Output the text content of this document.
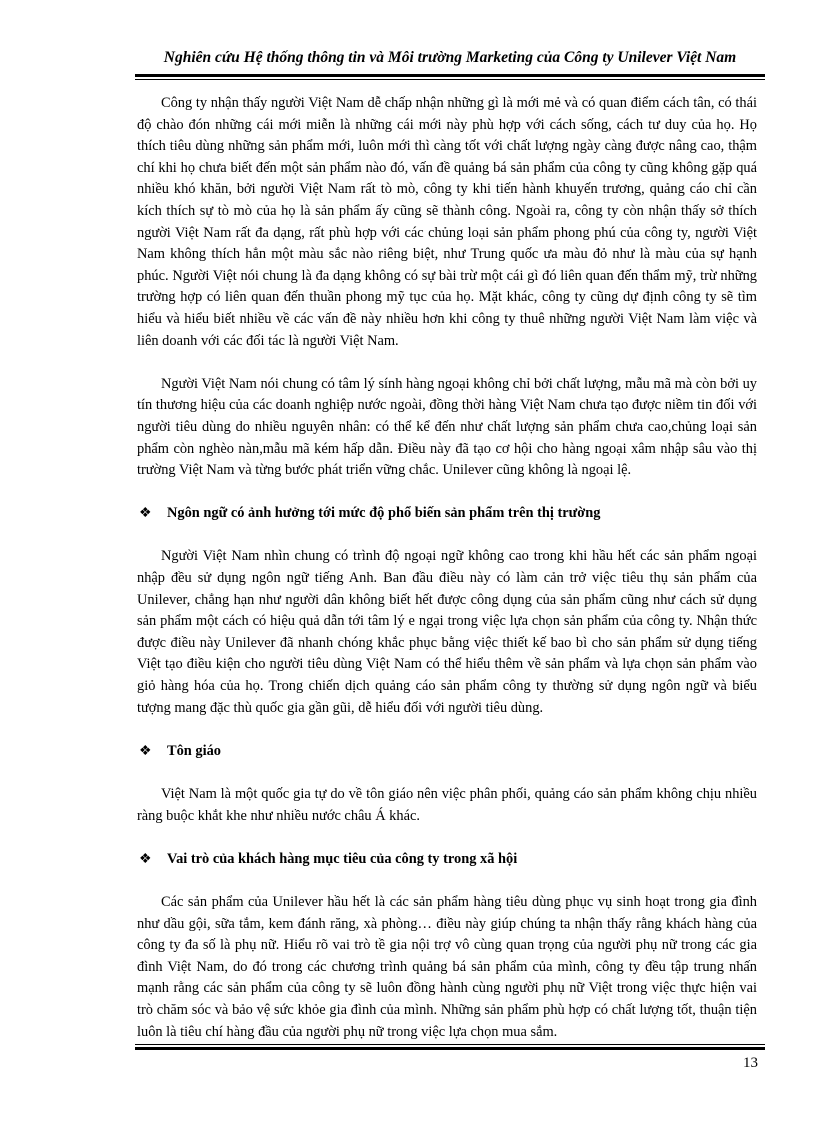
Nghiên cứu Hệ thống thông tin và Môi trường Marketing của Công ty Unilever Việt Nam

Công ty nhận thấy người Việt Nam dễ chấp nhận những gì là mới mẻ và có quan điểm cách tân, có thái độ chào đón những cái mới miễn là những cái mới này phù hợp với cách sống, cách tư duy của họ. Họ thích tiêu dùng những sản phẩm mới, luôn mới thì càng tốt với chất lượng ngày càng được nâng cao, thậm chí khi họ chưa biết đến một sản phẩm nào đó, vấn đề quảng bá sản phẩm của công ty cũng không gặp quá nhiều khó khăn, bởi người Việt Nam rất tò mò, công ty khi tiến hành khuyến trương, quảng cáo chỉ cần kích thích sự tò mò của họ là sản phẩm ấy cũng sẽ thành công. Ngoài ra, công ty còn nhận thấy sở thích người Việt Nam rất đa dạng, rất phù hợp với các chủng loại sản phẩm phong phú của công ty, người Việt Nam không thích hẳn một màu sắc nào riêng biệt, như Trung quốc ưa màu đỏ như là màu của sự hạnh phúc. Người Việt nói chung là đa dạng không có sự bài trừ một cái gì đó liên quan đến thẩm mỹ, trừ những trường hợp có liên quan đến thuần phong mỹ tục của họ. Mặt khác, công ty cũng dự định công ty sẽ tìm hiểu và hiểu biết nhiều về các vấn đề này nhiều hơn khi công ty thuê những người Việt Nam làm việc và liên doanh với các đối tác là người Việt Nam.

Người Việt Nam nói chung có tâm lý sính hàng ngoại không chỉ bởi chất lượng, mẫu mã mà còn bởi uy tín thương hiệu của các doanh nghiệp nước ngoài, đồng thời hàng Việt Nam chưa tạo được niềm tin đối với người tiêu dùng do nhiều nguyên nhân: có thể kể đến như chất lượng sản phẩm chưa cao,chủng loại sản phẩm còn nghèo nàn,mẫu mã kém hấp dẫn. Điều này đã tạo cơ hội cho hàng ngoại xâm nhập sâu vào thị trường Việt Nam và từng bước phát triển vững chắc. Unilever cũng không là ngoại lệ.

❖	Ngôn ngữ có ảnh hưởng tới mức độ phổ biến sản phẩm trên thị trường

Người Việt Nam nhìn chung có trình độ ngoại ngữ không cao trong khi hầu hết các sản phẩm ngoại nhập đều sử dụng ngôn ngữ tiếng Anh. Ban đầu điều này có làm cản trở việc tiêu thụ sản phẩm của Unilever, chẳng hạn như người dân không biết hết được công dụng của sản phẩm cũng như cách sử dụng sản phẩm một cách có hiệu quả dẫn tới tâm lý e ngại trong việc lựa chọn sản phẩm của công ty. Nhận thức được điều này Unilever đã nhanh chóng khắc phục bằng việc thiết kế bao bì cho sản phẩm sử dụng tiếng Việt tạo điều kiện cho người tiêu dùng Việt Nam có thể hiểu thêm về sản phẩm và lựa chọn sản phẩm vào giỏ hàng hóa của họ. Trong chiến dịch quảng cáo sản phẩm công ty thường sử dụng ngôn ngữ và biểu tượng mang đặc thù quốc gia gần gũi, dễ hiểu đối với người tiêu dùng.

❖	Tôn giáo

Việt Nam là một quốc gia tự do về tôn giáo nên việc phân phối, quảng cáo sản phẩm không chịu nhiều ràng buộc khắt khe như nhiều nước châu Á khác.

❖	Vai trò của khách hàng mục tiêu của công ty trong xã hội

Các sản phẩm của Unilever hầu hết là các sản phẩm hàng tiêu dùng phục vụ sinh hoạt trong gia đình như dầu gội, sữa tắm, kem đánh răng, xà phòng… điều này giúp chúng ta nhận thấy rằng khách hàng của công ty đa số là phụ nữ. Hiểu rõ vai trò tề gia nội trợ vô cùng quan trọng của người phụ nữ trong các gia đình Việt Nam, do đó trong các chương trình quảng bá sản phẩm của mình, công ty đều tập trung nhấn mạnh rằng các sản phẩm của công ty sẽ luôn đồng hành cùng người phụ nữ Việt trong việc thực hiện vai trò chăm sóc và bảo vệ sức khỏe gia đình của mình. Những sản phẩm phù hợp có chất lượng tốt, thuận tiện luôn là tiêu chí hàng đầu của người phụ nữ trong việc lựa chọn mua sắm.

13
